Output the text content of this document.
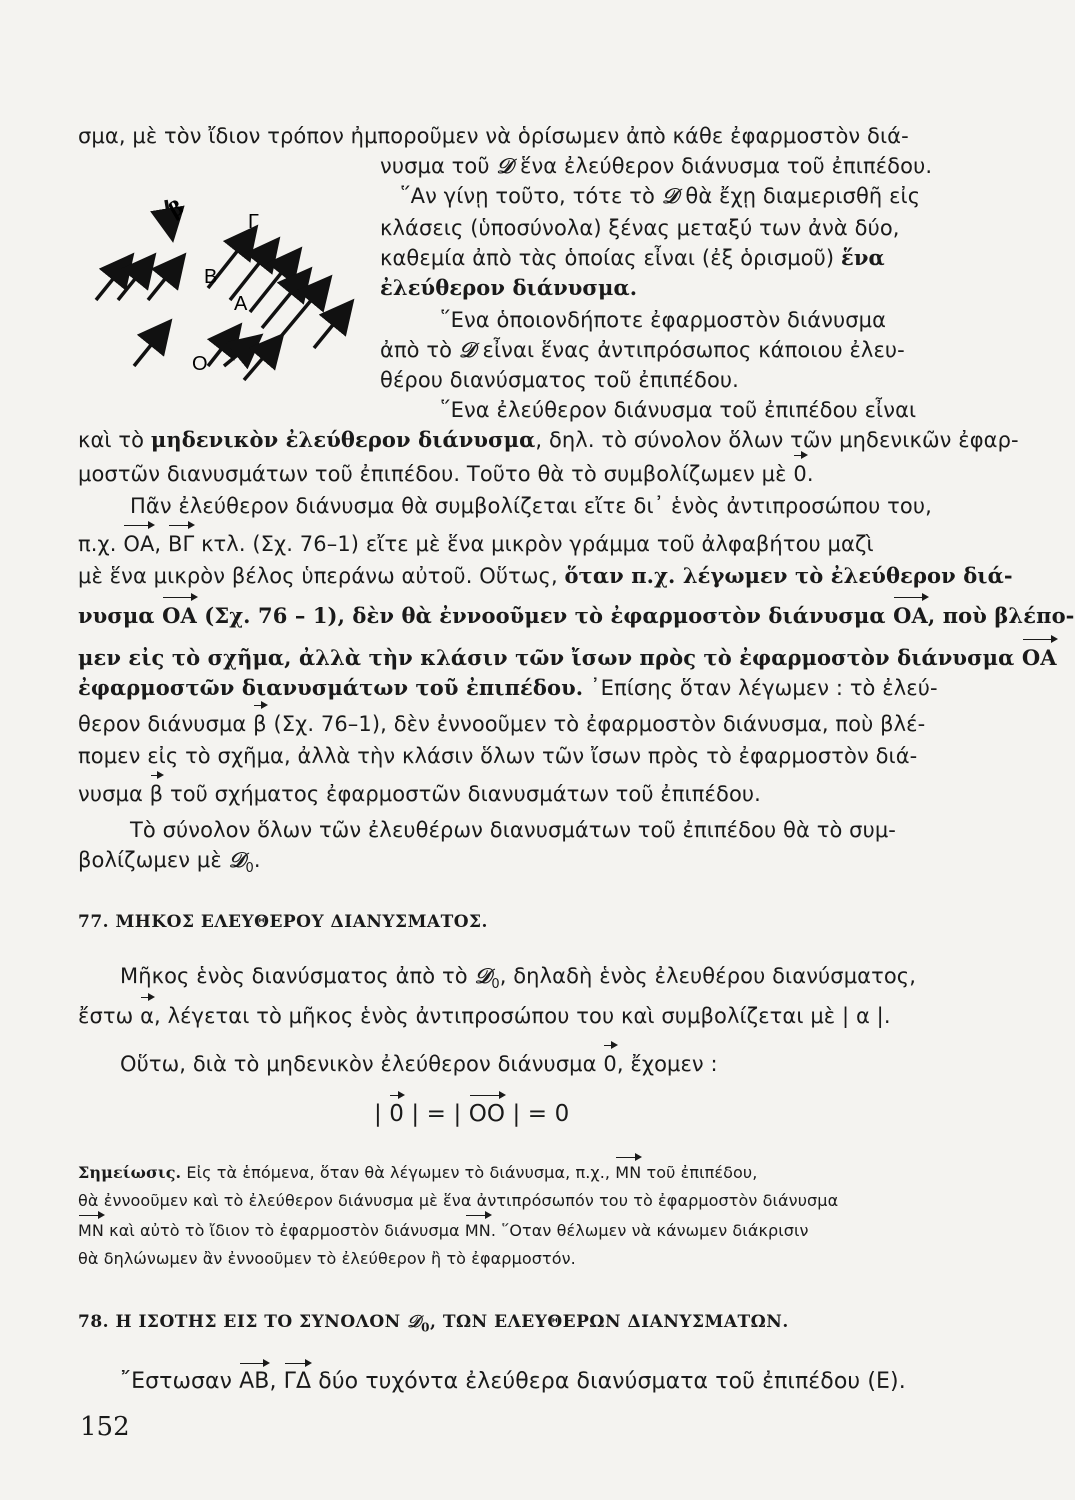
β	Γ
Β
Α
Ο
σμα, μὲ τὸν ἴδιον τρόπον ἠμποροῦμεν νὰ ὁρίσωμεν ἀπὸ κάθε ἐφαρμοστὸν διά-
νυσμα τοῦ 𝒟 ἕνα ἐλεύθερον διάνυσμα τοῦ ἐπιπέδου.
῞Αν γίνῃ τοῦτο, τότε τὸ 𝒟 θὰ ἔχῃ διαμερισθῆ εἰς
κλάσεις (ὑποσύνολα) ξένας μεταξύ των ἀνὰ δύο,
καθεμία ἀπὸ τὰς ὁποίας εἶναι (ἐξ ὁρισμοῦ) ἕνα
ἐλεύθερον διάνυσμα.
῞Ενα ὁποιονδήποτε ἐφαρμοστὸν διάνυσμα
ἀπὸ τὸ 𝒟 εἶναι ἕνας ἀντιπρόσωπος κάποιου ἐλευ-
θέρου διανύσματος τοῦ ἐπιπέδου.
῞Ενα ἐλεύθερον διάνυσμα τοῦ ἐπιπέδου εἶναι
καὶ τὸ μηδενικὸν ἐλεύθερον διάνυσμα, δηλ. τὸ σύνολον ὅλων τῶν μηδενικῶν ἐφαρ-
μοστῶν διανυσμάτων τοῦ ἐπιπέδου. Τοῦτο θὰ τὸ συμβολίζωμεν μὲ 0.
Πᾶν ἐλεύθερον διάνυσμα θὰ συμβολίζεται εἴτε δι᾿ ἑνὸς ἀντιπροσώπου του,
π.χ. ΟΑ, ΒΓ κτλ. (Σχ. 76–1) εἴτε μὲ ἕνα μικρὸν γράμμα τοῦ ἀλφαβήτου μαζὶ
μὲ ἕνα μικρὸν βέλος ὑπεράνω αὐτοῦ. Οὕτως, ὅταν π.χ. λέγωμεν τὸ ἐλεύθερον διά-
νυσμα ΟΑ (Σχ. 76 – 1), δὲν θὰ ἐννοοῦμεν τὸ ἐφαρμοστὸν διάνυσμα ΟΑ, ποὺ βλέπο-
μεν εἰς τὸ σχῆμα, ἀλλὰ τὴν κλάσιν τῶν ἴσων πρὸς τὸ ἐφαρμοστὸν διάνυσμα ΟΑ
ἐφαρμοστῶν διανυσμάτων τοῦ ἐπιπέδου. ᾿Επίσης ὅταν λέγωμεν : τὸ ἐλεύ-
θερον διάνυσμα β (Σχ. 76–1), δὲν ἐννοοῦμεν τὸ ἐφαρμοστὸν διάνυσμα, ποὺ βλέ-
πομεν εἰς τὸ σχῆμα, ἀλλὰ τὴν κλάσιν ὅλων τῶν ἴσων πρὸς τὸ ἐφαρμοστὸν διά-
νυσμα β τοῦ σχήματος ἐφαρμοστῶν διανυσμάτων τοῦ ἐπιπέδου.
Τὸ σύνολον ὅλων τῶν ἐλευθέρων διανυσμάτων τοῦ ἐπιπέδου θὰ τὸ συμ-
βολίζωμεν μὲ 𝒟$_0$.
77. ΜΗΚΟΣ ΕΛΕΥΘΕΡΟΥ ΔΙΑΝΥΣΜΑΤΟΣ.
Μῆκος ἑνὸς διανύσματος ἀπὸ τὸ 𝒟$_0$, δηλαδὴ ἑνὸς ἐλευθέρου διανύσματος,
ἔστω α, λέγεται τὸ μῆκος ἑνὸς ἀντιπροσώπου του καὶ συμβολίζεται μὲ | α |.
Οὕτω, διὰ τὸ μηδενικὸν ἐλεύθερον διάνυσμα 0, ἔχομεν :
| 0 | = | ΟΟ | = 0
Σημείωσις. Εἰς τὰ ἑπόμενα, ὅταν θὰ λέγωμεν τὸ διάνυσμα, π.χ., ΜΝ τοῦ ἐπιπέδου,
θὰ ἐννοοῦμεν καὶ τὸ ἐλεύθερον διάνυσμα μὲ ἕνα ἀντιπρόσωπόν του τὸ ἐφαρμοστὸν διάνυσμα
ΜΝ καὶ αὐτὸ τὸ ἴδιον τὸ ἐφαρμοστὸν διάνυσμα ΜΝ. ῞Οταν θέλωμεν νὰ κάνωμεν διάκρισιν
θὰ δηλώνωμεν ἂν ἐννοοῦμεν τὸ ἐλεύθερον ἢ τὸ ἐφαρμοστόν.
78. Η ΙΣΟΤΗΣ ΕΙΣ ΤΟ ΣΥΝΟΛΟΝ 𝒟$_0$, ΤΩΝ ΕΛΕΥΘΕΡΩΝ ΔΙΑΝΥΣΜΑΤΩΝ.
῎Εστωσαν ΑΒ, ΓΔ δύο τυχόντα ἐλεύθερα διανύσματα τοῦ ἐπιπέδου (Ε).
152
